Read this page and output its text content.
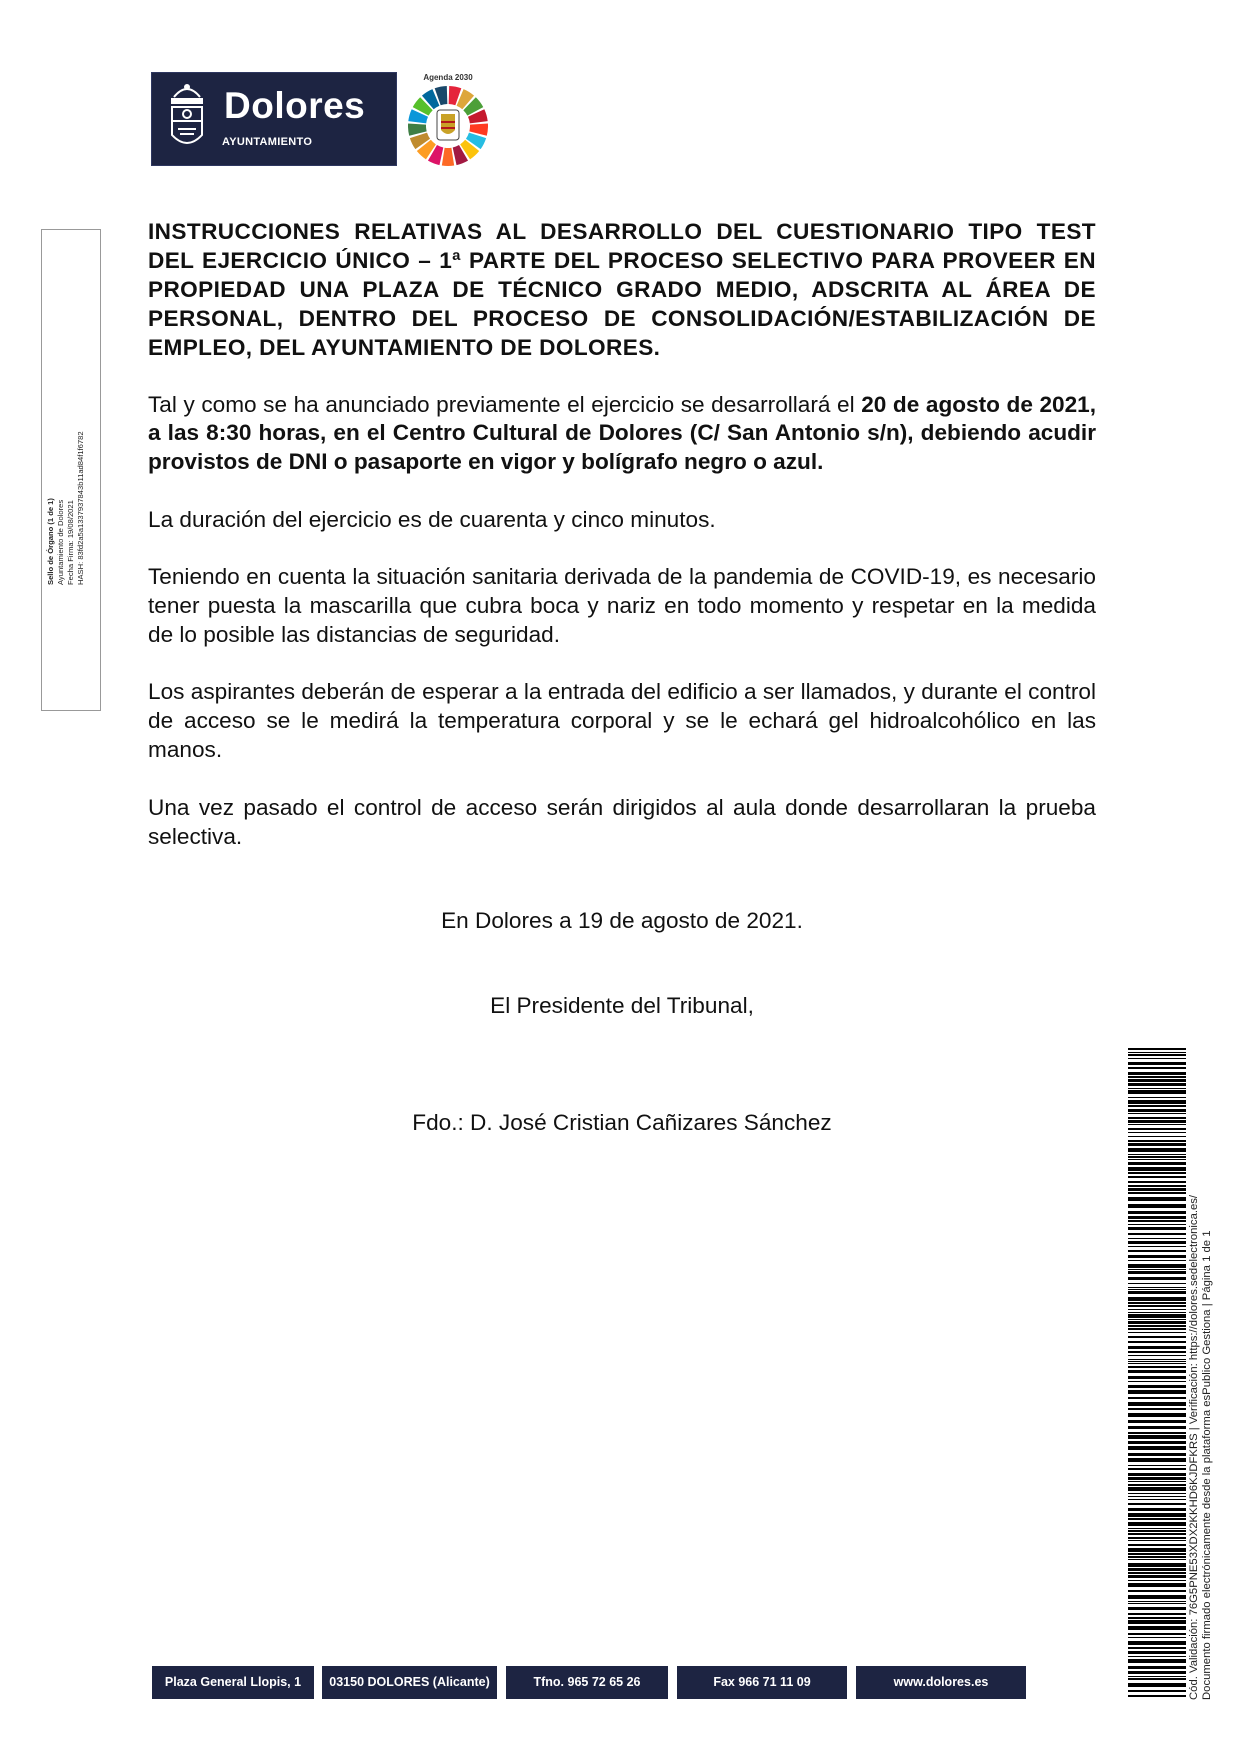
Dolores
AYUNTAMIENTO
Agenda 2030
Sello de Órgano (1 de 1) Ayuntamiento de Dolores Fecha Firma: 19/08/2021 HASH: 83fd2a5a1337937843b11ad84f1f6782
INSTRUCCIONES RELATIVAS AL DESARROLLO DEL CUESTIONARIO TIPO TEST DEL EJERCICIO ÚNICO – 1ª PARTE DEL PROCESO SELECTIVO PARA PROVEER EN PROPIEDAD UNA PLAZA DE TÉCNICO GRADO MEDIO, ADSCRITA AL ÁREA DE PERSONAL, DENTRO DEL PROCESO DE CONSOLIDACIÓN/ESTABILIZACIÓN DE EMPLEO, DEL AYUNTAMIENTO DE DOLORES.

Tal y como se ha anunciado previamente el ejercicio se desarrollará el 20 de agosto de 2021, a las 8:30 horas, en el Centro Cultural de Dolores (C/ San Antonio s/n), debiendo acudir provistos de DNI o pasaporte en vigor y bolígrafo negro o azul.

La duración del ejercicio es de cuarenta y cinco minutos.

Teniendo en cuenta la situación sanitaria derivada de la pandemia de COVID-19, es necesario tener puesta la mascarilla que cubra boca y nariz en todo momento y respetar en la medida de lo posible las distancias de seguridad.

Los aspirantes deberán de esperar a la entrada del edificio a ser llamados, y durante el control de acceso se le medirá la temperatura corporal y se le echará gel hidroalcohólico en las manos.

Una vez pasado el control de acceso serán dirigidos al aula donde desarrollaran la prueba selectiva.

En Dolores a 19 de agosto de 2021.

El Presidente del Tribunal,

Fdo.: D. José Cristian Cañizares Sánchez

Cód. Validación: 76G5PNE53XDX2KKHD6KJDFKRS | Verificación: https://dolores.sedelectronica.es/ Documento firmado electrónicamente desde la plataforma esPublico Gestiona | Página 1 de 1
Plaza General Llopis, 1	03150 DOLORES (Alicante)	Tfno. 965 72 65 26	Fax 966 71 11 09	www.dolores.es
